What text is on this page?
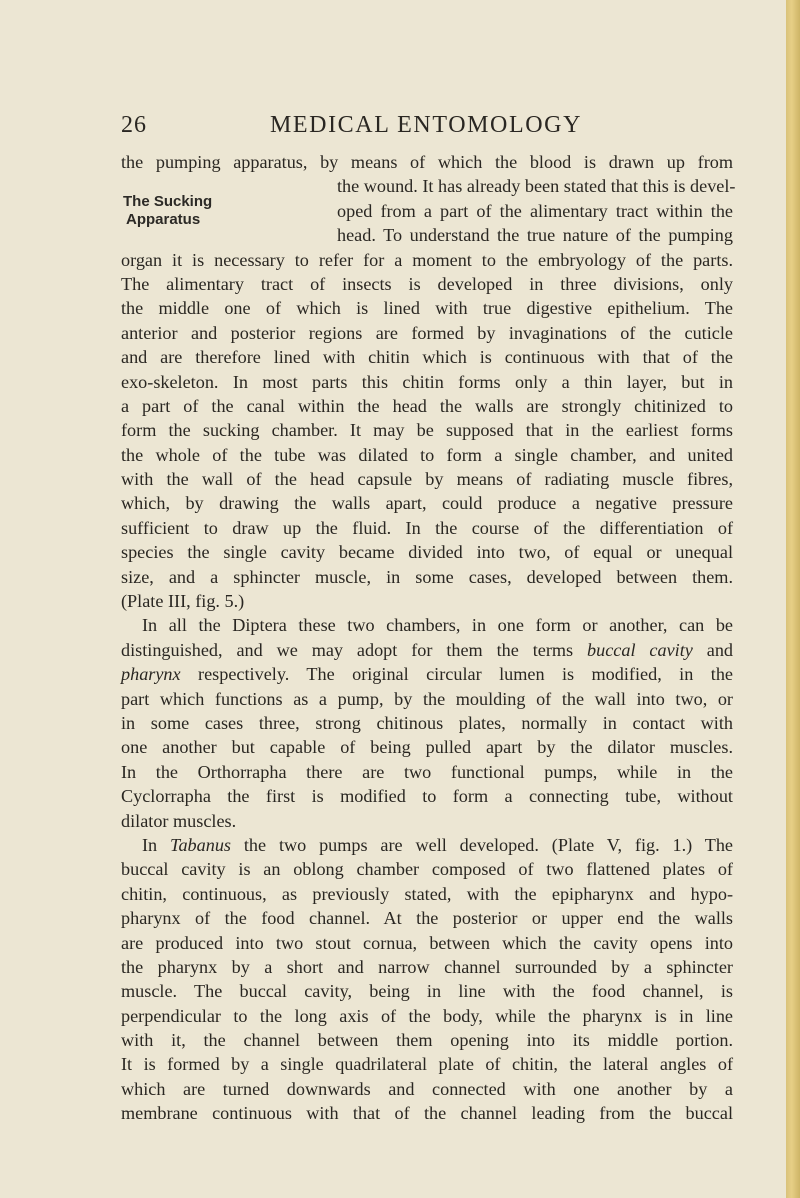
26	MEDICAL ENTOMOLOGY
The Sucking
Apparatus
the pumping apparatus, by means of which the blood is drawn up from
the wound. It has already been stated that this is devel-
oped from a part of the alimentary tract within the
head. To understand the true nature of the pumping
organ it is necessary to refer for a moment to the embryology of the parts.
The alimentary tract of insects is developed in three divisions, only
the middle one of which is lined with true digestive epithelium. The
anterior and posterior regions are formed by invaginations of the cuticle
and are therefore lined with chitin which is continuous with that of the
exo-skeleton. In most parts this chitin forms only a thin layer, but in
a part of the canal within the head the walls are strongly chitinized to
form the sucking chamber. It may be supposed that in the earliest forms
the whole of the tube was dilated to form a single chamber, and united
with the wall of the head capsule by means of radiating muscle fibres,
which, by drawing the walls apart, could produce a negative pressure
sufficient to draw up the fluid. In the course of the differentiation of
species the single cavity became divided into two, of equal or unequal
size, and a sphincter muscle, in some cases, developed between them.
(Plate III, fig. 5.)
In all the Diptera these two chambers, in one form or another, can be
distinguished, and we may adopt for them the terms buccal cavity and
pharynx respectively. The original circular lumen is modified, in the
part which functions as a pump, by the moulding of the wall into two, or
in some cases three, strong chitinous plates, normally in contact with
one another but capable of being pulled apart by the dilator muscles.
In the Orthorrapha there are two functional pumps, while in the
Cyclorrapha the first is modified to form a connecting tube, without
dilator muscles.
In Tabanus the two pumps are well developed. (Plate V, fig. 1.) The
buccal cavity is an oblong chamber composed of two flattened plates of
chitin, continuous, as previously stated, with the epipharynx and hypo-
pharynx of the food channel. At the posterior or upper end the walls
are produced into two stout cornua, between which the cavity opens into
the pharynx by a short and narrow channel surrounded by a sphincter
muscle. The buccal cavity, being in line with the food channel, is
perpendicular to the long axis of the body, while the pharynx is in line
with it, the channel between them opening into its middle portion.
It is formed by a single quadrilateral plate of chitin, the lateral angles of
which are turned downwards and connected with one another by a
membrane continuous with that of the channel leading from the buccal
